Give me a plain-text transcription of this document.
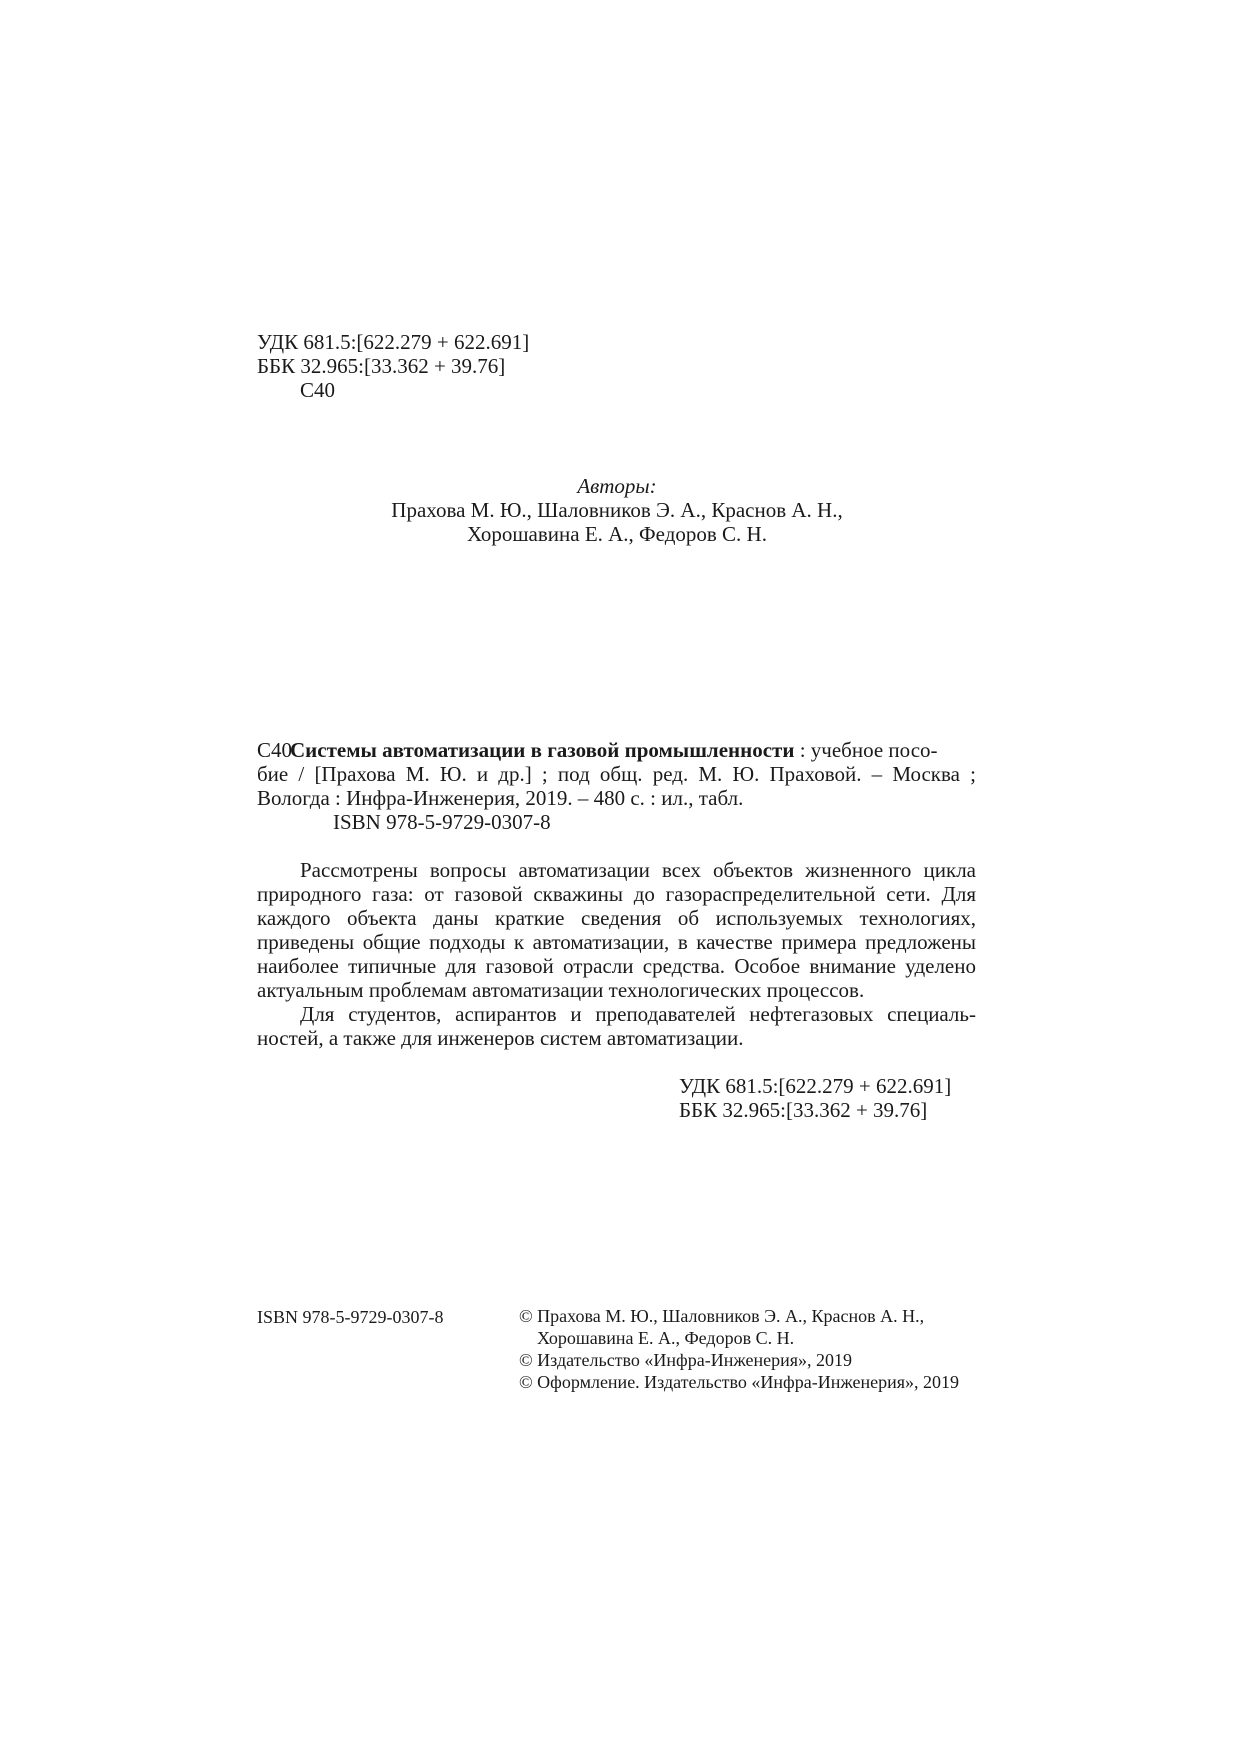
УДК 681.5:[622.279 + 622.691]
ББК 32.965:[33.362 + 39.76]
С40
Авторы:
Прахова М. Ю., Шаловников Э. А., Краснов А. Н.,
Хорошавина Е. А., Федоров С. Н.
С40
Системы автоматизации в газовой промышленности : учебное посо-
бие / [Прахова М. Ю. и др.] ; под общ. ред. М. Ю. Праховой. – Москва ;
Вологда : Инфра-Инженерия, 2019. – 480 с. : ил., табл.
ISBN 978-5-9729-0307-8
Рассмотрены вопросы автоматизации всех объектов жизненного цикла
природного газа: от газовой скважины до газораспределительной сети. Для
каждого объекта даны краткие сведения об используемых технологиях,
приведены общие подходы к автоматизации, в качестве примера предложены
наиболее типичные для газовой отрасли средства. Особое внимание уделено
актуальным проблемам автоматизации технологических процессов.
Для студентов, аспирантов и преподавателей нефтегазовых специаль-
ностей, а также для инженеров систем автоматизации.
УДК 681.5:[622.279 + 622.691]
ББК 32.965:[33.362 + 39.76]
ISBN 978-5-9729-0307-8	© Прахова М. Ю., Шаловников Э. А., Краснов А. Н.,
Хорошавина Е. А., Федоров С. Н.
© Издательство «Инфра-Инженерия», 2019
© Оформление. Издательство «Инфра-Инженерия», 2019
